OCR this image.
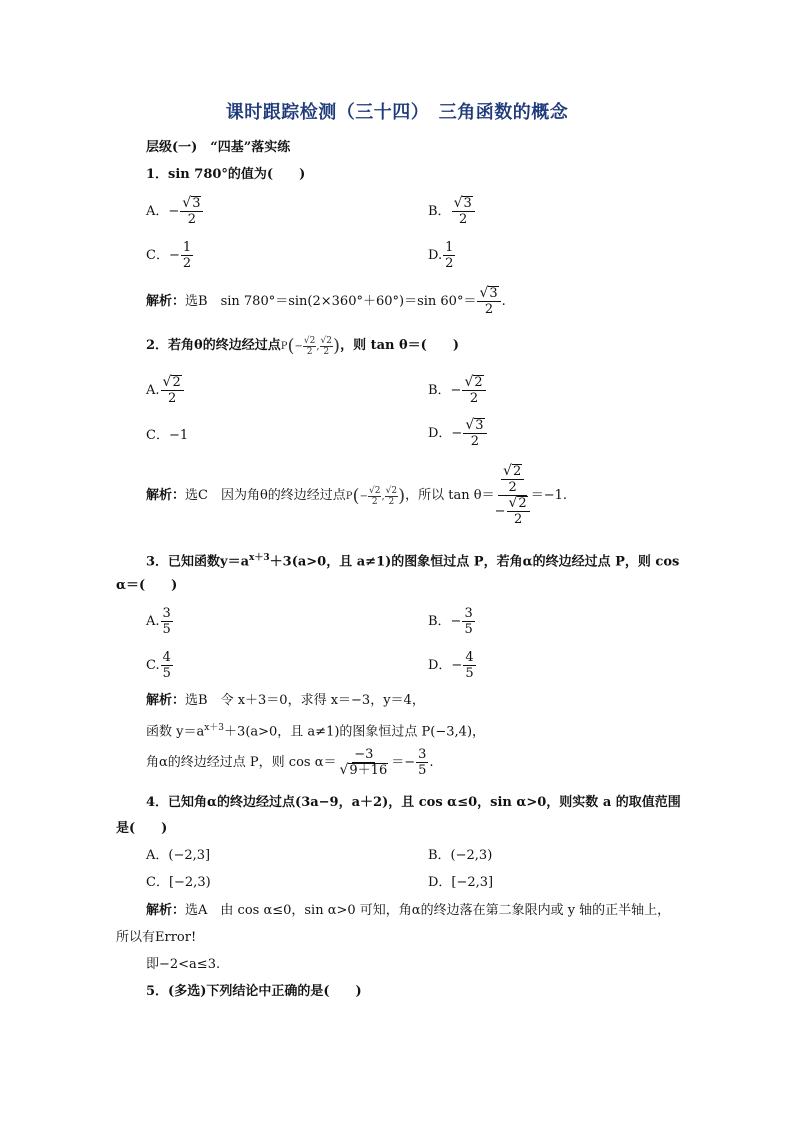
课时跟踪检测（三十四）　三角函数的概念
层级(一)　“四基”落实练
1．sin 780°的值为(　　)
A．− $\frac{√ 3}{2}$	B． $\frac{√ 3}{2}$
C．− $\frac{1}{2}$	D. $\frac{1}{2}$
解析：选B　sin 780°＝sin(2×360°＋60°)＝sin $60^\circ= \frac{√ 3}{2}$ .
2．若角θ的终边经过点$P(- \frac{√2}{2}$ , $\frac{√2}{2}$ )，则 tan θ＝(　　)
A. $\frac{√ 2}{2}$	B．− $\frac{√ 2}{2}$
C．−1	D．− $\frac{√ 3}{2}$
解析：选C　因为角θ的终边经过点$P(- \frac{√2}{2}$ , $\frac{√2}{2}$ )，所以 $\tan \theta= \frac{\frac{√ 2}{2}}{- \frac{√ 2}{2}} =-1$.
3．已知函数$y=a^{x+3}+3(a>0$，且 a≠1)的图象恒过点 P，若角α的终边经过点 P，则 cos
α＝(　　)
A. $\frac{3}{5}$	B．− $\frac{3}{5}$
C. $\frac{4}{5}$	D．− $\frac{4}{5}$
解析：选B　令 x＋3＝0，求得 x＝−3，y＝4，
函数 $y=a^{x+3}+3(a>0$，且 a≠1)的图象恒过点 P(−3,4)，
角α的终边经过点 P，则 $\cos \alpha= \frac{-3}{√ 9+16} =- \frac{3}{5}$ .
4．已知角α的终边经过点(3a−9，a＋2)，且 cos α≤0，sin α>0，则实数 a 的取值范围
是(　　)
A．(−2,3]	B．(−2,3)
C．[−2,3)	D．[−2,3]
解析：选A　由 cos α≤0，sin α>0 可知，角α的终边落在第二象限内或 y 轴的正半轴上，
所以有Error!
即−2<a≤3.
5．(多选)下列结论中正确的是(　　)
